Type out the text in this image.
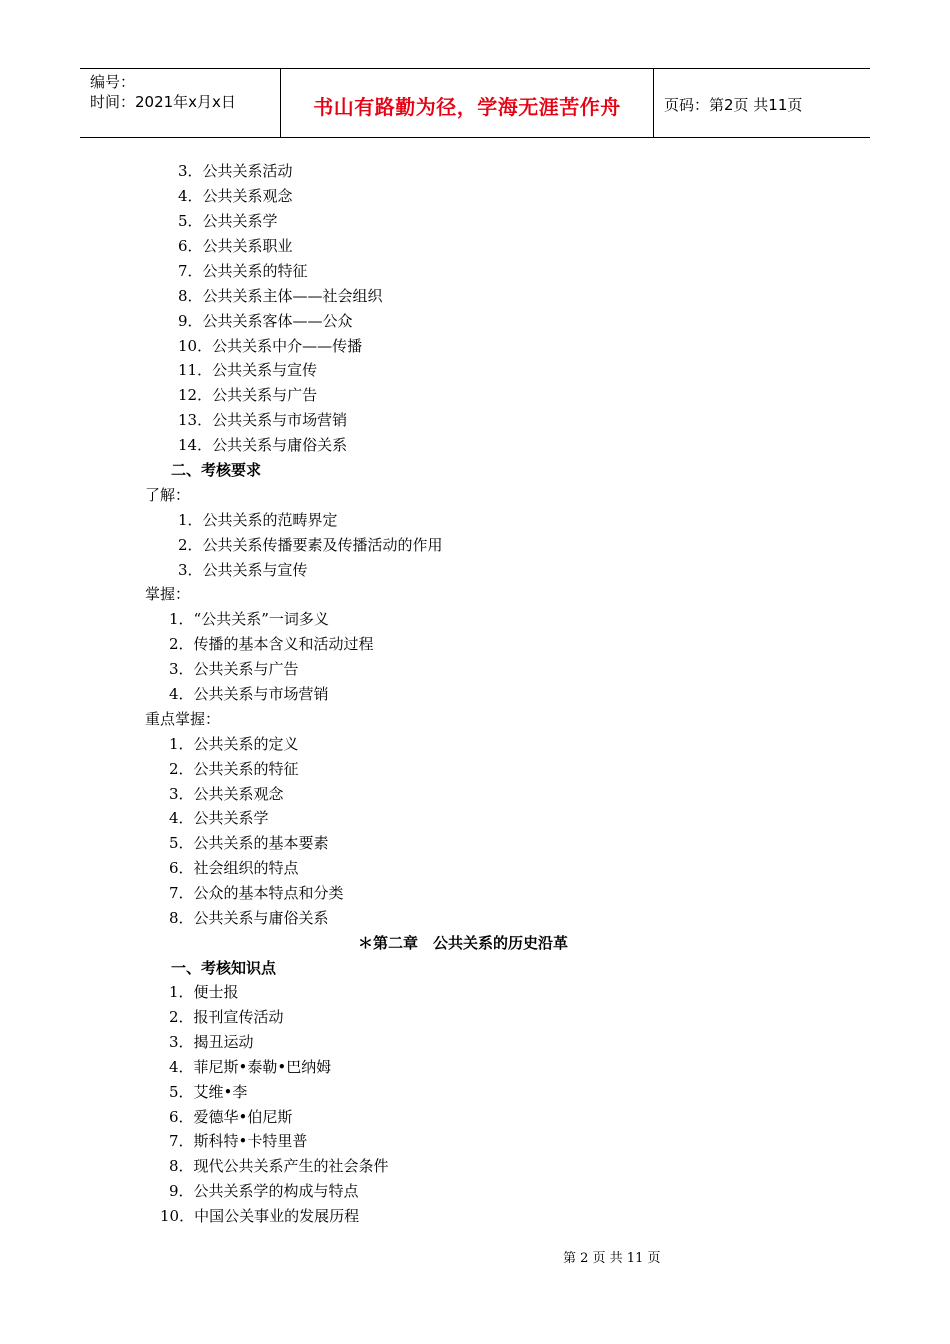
编号：
时间：2021年x月x日	书山有路勤为径，学海无涯苦作舟	页码：第2页 共11页
3．公共关系活动
4．公共关系观念
5．公共关系学
6．公共关系职业
7．公共关系的特征
8．公共关系主体——社会组织
9．公共关系客体——公众
10．公共关系中介——传播
11．公共关系与宣传
12．公共关系与广告
13．公共关系与市场营销
14．公共关系与庸俗关系
二、考核要求
了解：
1．公共关系的范畴界定
2．公共关系传播要素及传播活动的作用
3．公共关系与宣传
掌握：
1．“公共关系”一词多义
2．传播的基本含义和活动过程
3．公共关系与广告
4．公共关系与市场营销
重点掌握：
1．公共关系的定义
2．公共关系的特征
3．公共关系观念
4．公共关系学
5．公共关系的基本要素
6．社会组织的特点
7．公众的基本特点和分类
8．公共关系与庸俗关系
＊第二章　公共关系的历史沿革
一、考核知识点
1．便士报
2．报刊宣传活动
3．揭丑运动
4．菲尼斯•泰勒•巴纳姆
5．艾维•李
6．爱德华•伯尼斯
7．斯科特•卡特里普
8．现代公共关系产生的社会条件
9．公共关系学的构成与特点
10．中国公关事业的发展历程
第 2 页 共 11 页
